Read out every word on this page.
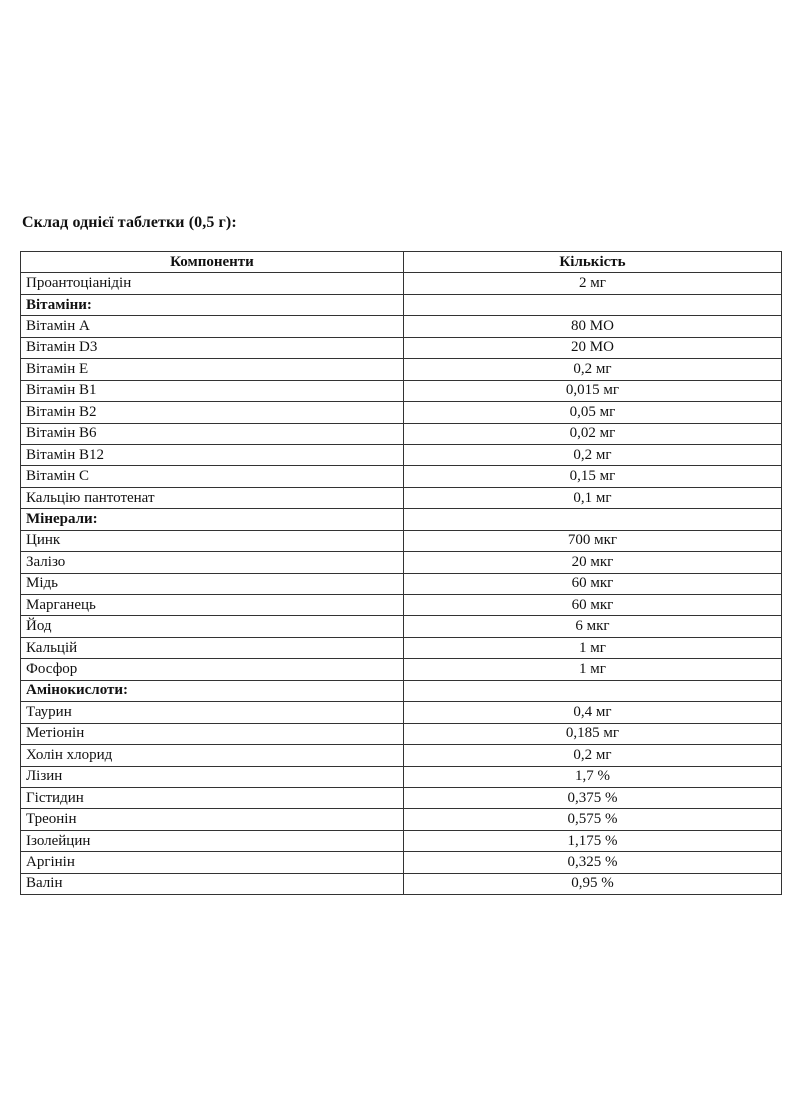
Склад однієї таблетки (0,5 г):
Компоненти	Кількість
Проантоціанідін	2 мг
Вітаміни:	
Вітамін А	80 МО
Вітамін D3	20 МО
Вітамін Е	0,2 мг
Вітамін В1	0,015 мг
Вітамін В2	0,05 мг
Вітамін В6	0,02 мг
Вітамін В12	0,2 мг
Вітамін С	0,15 мг
Кальцію пантотенат	0,1 мг
Мінерали:	
Цинк	700 мкг
Залізо	20 мкг
Мідь	60 мкг
Марганець	60 мкг
Йод	6 мкг
Кальцій	1 мг
Фосфор	1 мг
Амінокислоти:	
Таурин	0,4 мг
Метіонін	0,185 мг
Холін хлорид	0,2 мг
Лізин	1,7 %
Гістидин	0,375 %
Треонін	0,575 %
Ізолейцин	1,175 %
Аргінін	0,325 %
Валін	0,95 %
